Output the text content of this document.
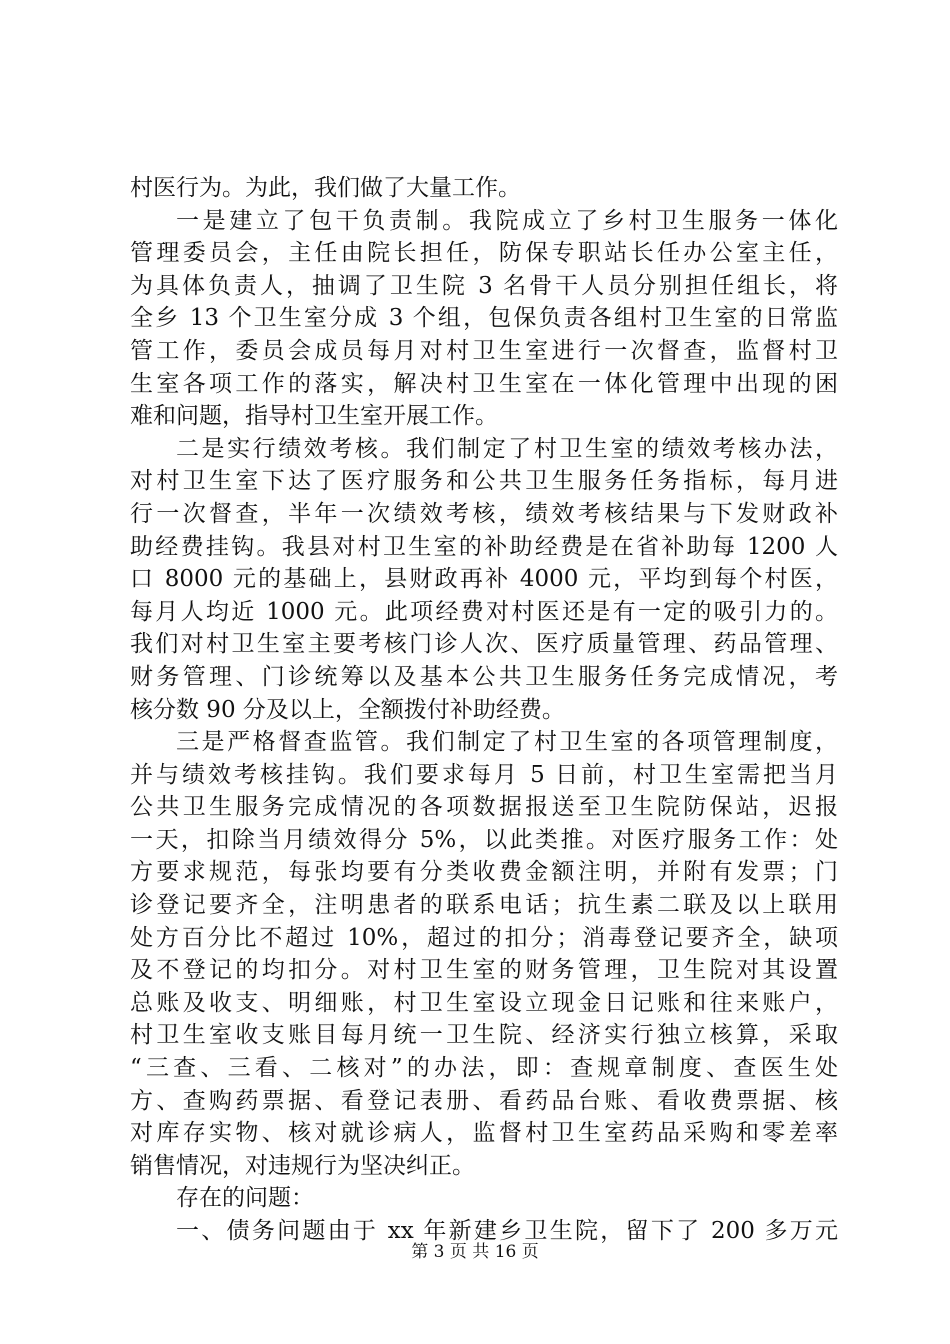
村医行为。为此，我们做了大量工作。
一是建立了包干负责制。我院成立了乡村卫生服务一体化
管理委员会，主任由院长担任，防保专职站长任办公室主任，
为具体负责人，抽调了卫生院 3 名骨干人员分别担任组长，将
全乡 13 个卫生室分成 3 个组，包保负责各组村卫生室的日常监
管工作，委员会成员每月对村卫生室进行一次督查，监督村卫
生室各项工作的落实，解决村卫生室在一体化管理中出现的困
难和问题，指导村卫生室开展工作。
二是实行绩效考核。我们制定了村卫生室的绩效考核办法，
对村卫生室下达了医疗服务和公共卫生服务任务指标，每月进
行一次督查，半年一次绩效考核，绩效考核结果与下发财政补
助经费挂钩。我县对村卫生室的补助经费是在省补助每 1200 人
口 8000 元的基础上，县财政再补 4000 元，平均到每个村医，
每月人均近 1000 元。此项经费对村医还是有一定的吸引力的。
我们对村卫生室主要考核门诊人次、医疗质量管理、药品管理、
财务管理、门诊统筹以及基本公共卫生服务任务完成情况，考
核分数 90 分及以上，全额拨付补助经费。
三是严格督查监管。我们制定了村卫生室的各项管理制度，
并与绩效考核挂钩。我们要求每月 5 日前，村卫生室需把当月
公共卫生服务完成情况的各项数据报送至卫生院防保站，迟报
一天，扣除当月绩效得分 5%，以此类推。对医疗服务工作：处
方要求规范，每张均要有分类收费金额注明，并附有发票；门
诊登记要齐全，注明患者的联系电话；抗生素二联及以上联用
处方百分比不超过 10%，超过的扣分；消毒登记要齐全，缺项
及不登记的均扣分。对村卫生室的财务管理，卫生院对其设置
总账及收支、明细账，村卫生室设立现金日记账和往来账户，
村卫生室收支账目每月统一卫生院、经济实行独立核算，采取
“三查、三看、二核对”的办法，即：查规章制度、查医生处
方、查购药票据、看登记表册、看药品台账、看收费票据、核
对库存实物、核对就诊病人，监督村卫生室药品采购和零差率
销售情况，对违规行为坚决纠正。
存在的问题：
一、债务问题由于 xx 年新建乡卫生院，留下了 200 多万元
第 3 页 共 16 页
